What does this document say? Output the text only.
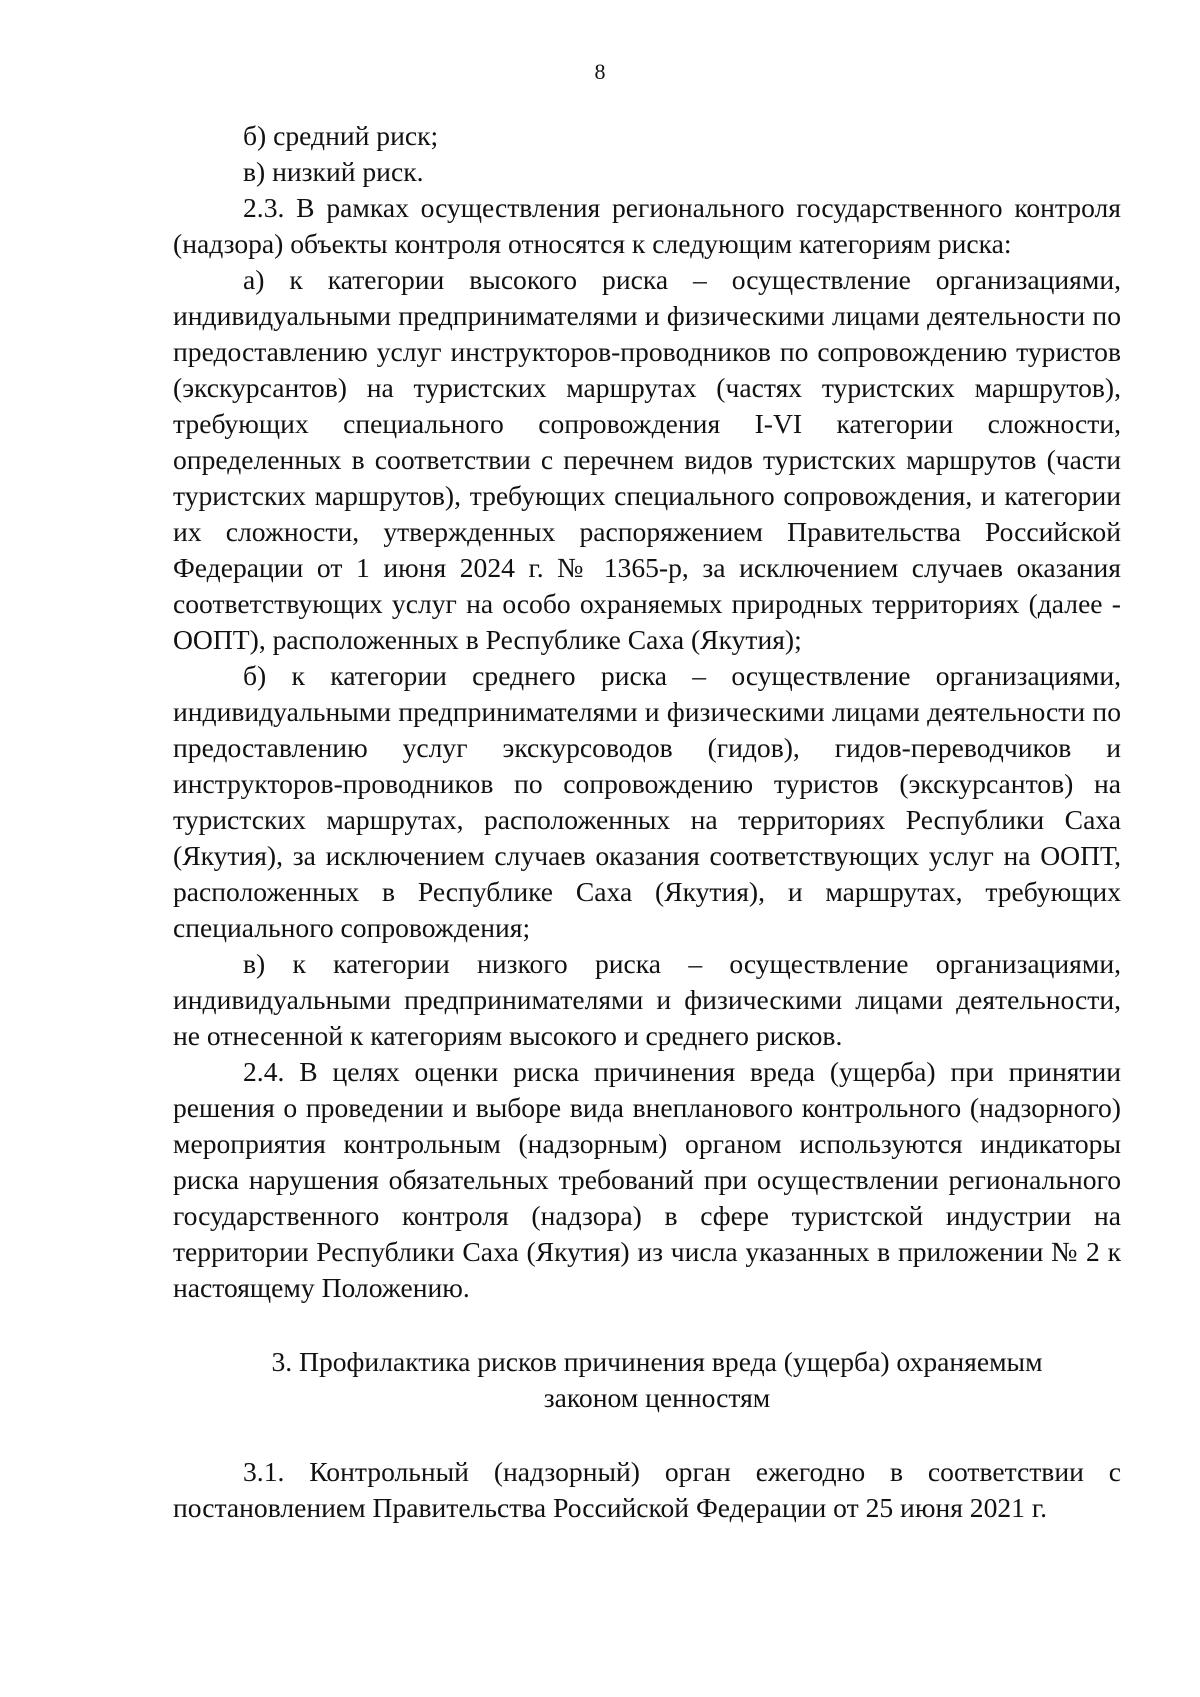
8

б) средний риск;

в) низкий риск.

2.3. В рамках осуществления регионального государственного контроля (надзора) объекты контроля относятся к следующим категориям риска:

а) к категории высокого риска – осуществление организациями, индивидуальными предпринимателями и физическими лицами деятельности по предоставлению услуг инструкторов-проводников по сопровождению туристов (экскурсантов) на туристских маршрутах (частях туристских маршрутов), требующих специального сопровождения I-VI категории сложности, определенных в соответствии с перечнем видов туристских маршрутов (части туристских маршрутов), требующих специального сопровождения, и категории их сложности, утвержденных распоряжением Правительства Российской Федерации от 1 июня 2024 г. № 1365-р, за исключением случаев оказания соответствующих услуг на особо охраняемых природных территориях (далее - ООПТ), расположенных в Республике Саха (Якутия);

б) к категории среднего риска – осуществление организациями, индивидуальными предпринимателями и физическими лицами деятельности по предоставлению услуг экскурсоводов (гидов), гидов-переводчиков и инструкторов-проводников по сопровождению туристов (экскурсантов) на туристских маршрутах, расположенных на территориях Республики Саха (Якутия), за исключением случаев оказания соответствующих услуг на ООПТ, расположенных в Республике Саха (Якутия), и маршрутах, требующих специального сопровождения;

в) к категории низкого риска – осуществление организациями, индивидуальными предпринимателями и физическими лицами деятельности, не отнесенной к категориям высокого и среднего рисков.

2.4. В целях оценки риска причинения вреда (ущерба) при принятии решения о проведении и выборе вида внепланового контрольного (надзорного) мероприятия контрольным (надзорным) органом используются индикаторы риска нарушения обязательных требований при осуществлении регионального государственного контроля (надзора) в сфере туристской индустрии на территории Республики Саха (Якутия) из числа указанных в приложении № 2 к настоящему Положению.

3. Профилактика рисков причинения вреда (ущерба) охраняемым законом ценностям

3.1. Контрольный (надзорный) орган ежегодно в соответствии с постановлением Правительства Российской Федерации от 25 июня 2021 г.
